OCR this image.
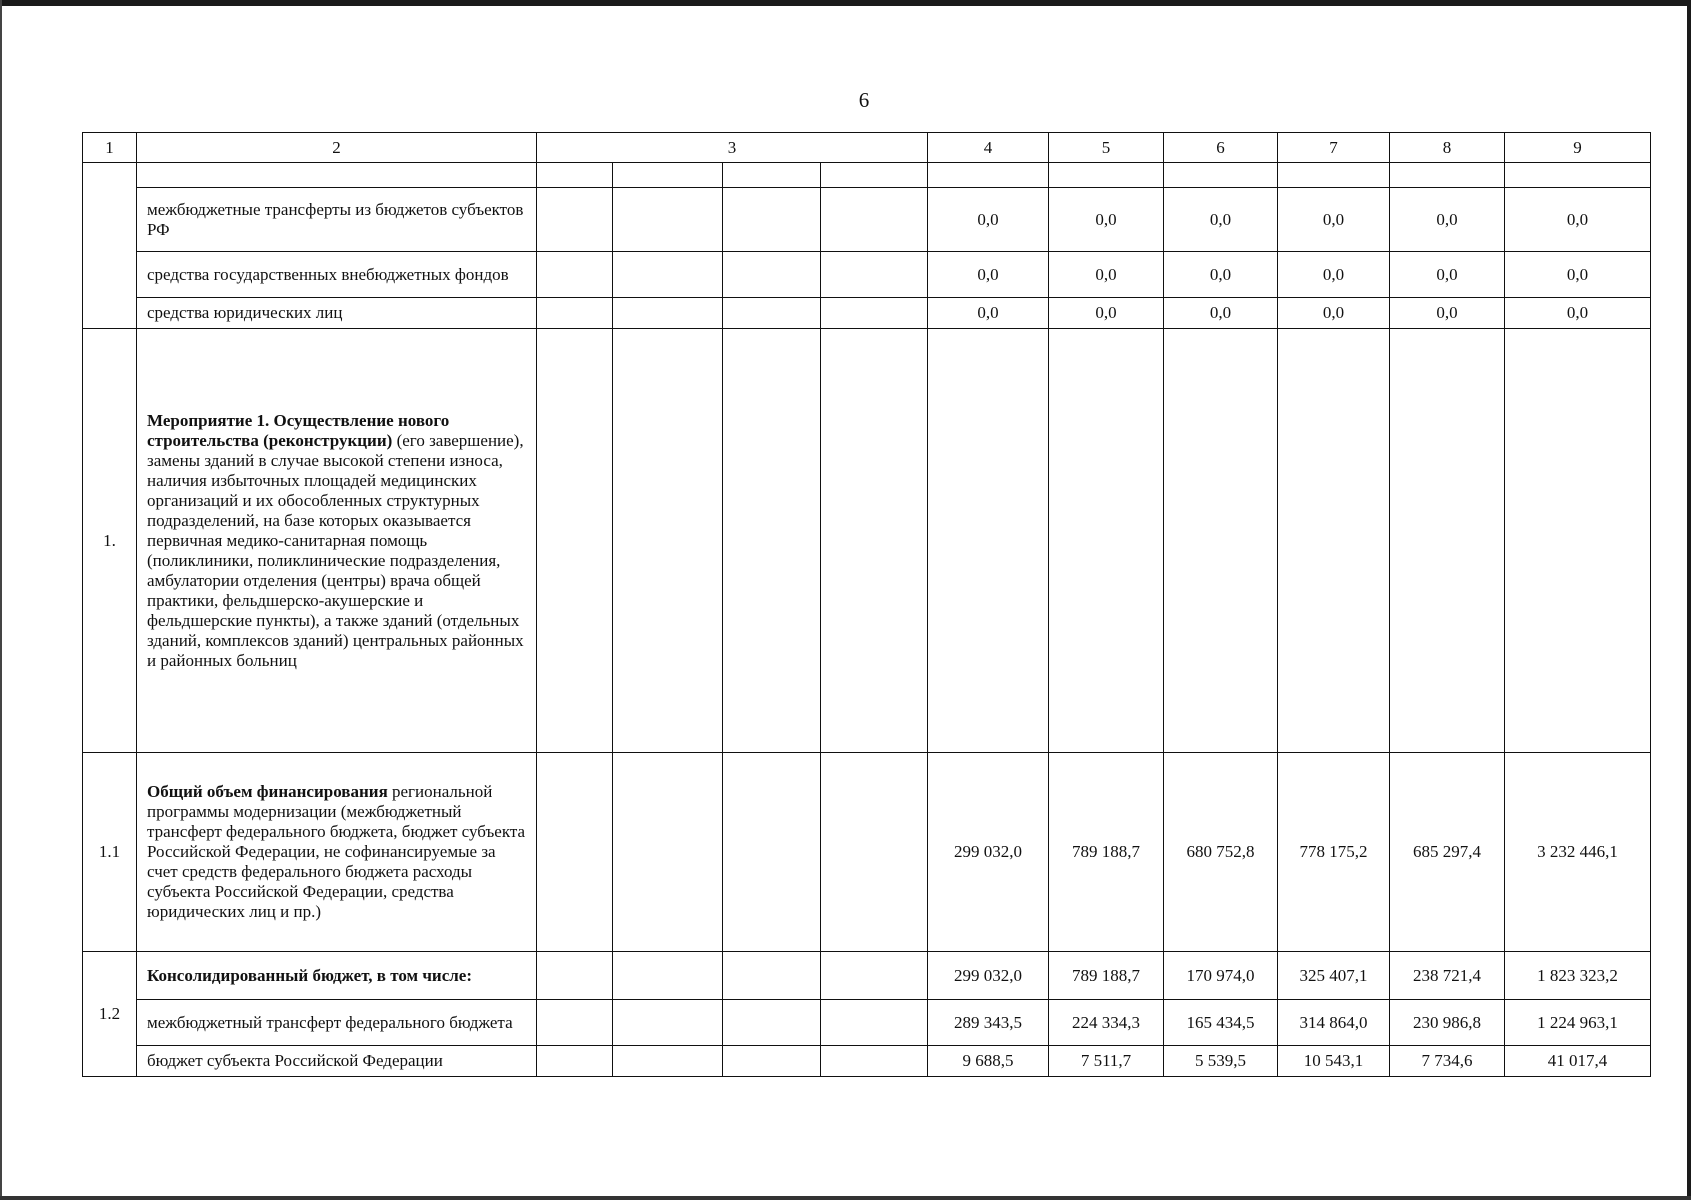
6
1	2	3				4	5	6	7	8	9

	межбюджетные трансферты из бюджетов субъектов РФ					0,0	0,0	0,0	0,0	0,0	0,0
	средства государственных внебюджетных фондов					0,0	0,0	0,0	0,0	0,0	0,0
	средства юридических лиц					0,0	0,0	0,0	0,0	0,0	0,0
1.	Мероприятие 1. Осуществление нового строительства (реконструкции) (его завершение), замены зданий в случае высокой степени износа, наличия избыточных площадей медицинских организаций и их обособленных структурных подразделений, на базе которых оказывается первичная медико-санитарная помощь (поликлиники, поликлинические подразделения, амбулатории отделения (центры) врача общей практики, фельдшерско-акушерские и фельдшерские пункты), а также зданий (отдельных зданий, комплексов зданий) центральных районных и районных больниц										
1.1	Общий объем финансирования региональной программы модернизации (межбюджетный трансферт федерального бюджета, бюджет субъекта Российской Федерации, не софинансируемые за счет средств федерального бюджета расходы субъекта Российской Федерации, средства юридических лиц и пр.)					299 032,0	789 188,7	680 752,8	778 175,2	685 297,4	3 232 446,1
1.2	Консолидированный бюджет, в том числе:					299 032,0	789 188,7	170 974,0	325 407,1	238 721,4	1 823 323,2
	межбюджетный трансферт федерального бюджета					289 343,5	224 334,3	165 434,5	314 864,0	230 986,8	1 224 963,1
	бюджет субъекта Российской Федерации					9 688,5	7 511,7	5 539,5	10 543,1	7 734,6	41 017,4
